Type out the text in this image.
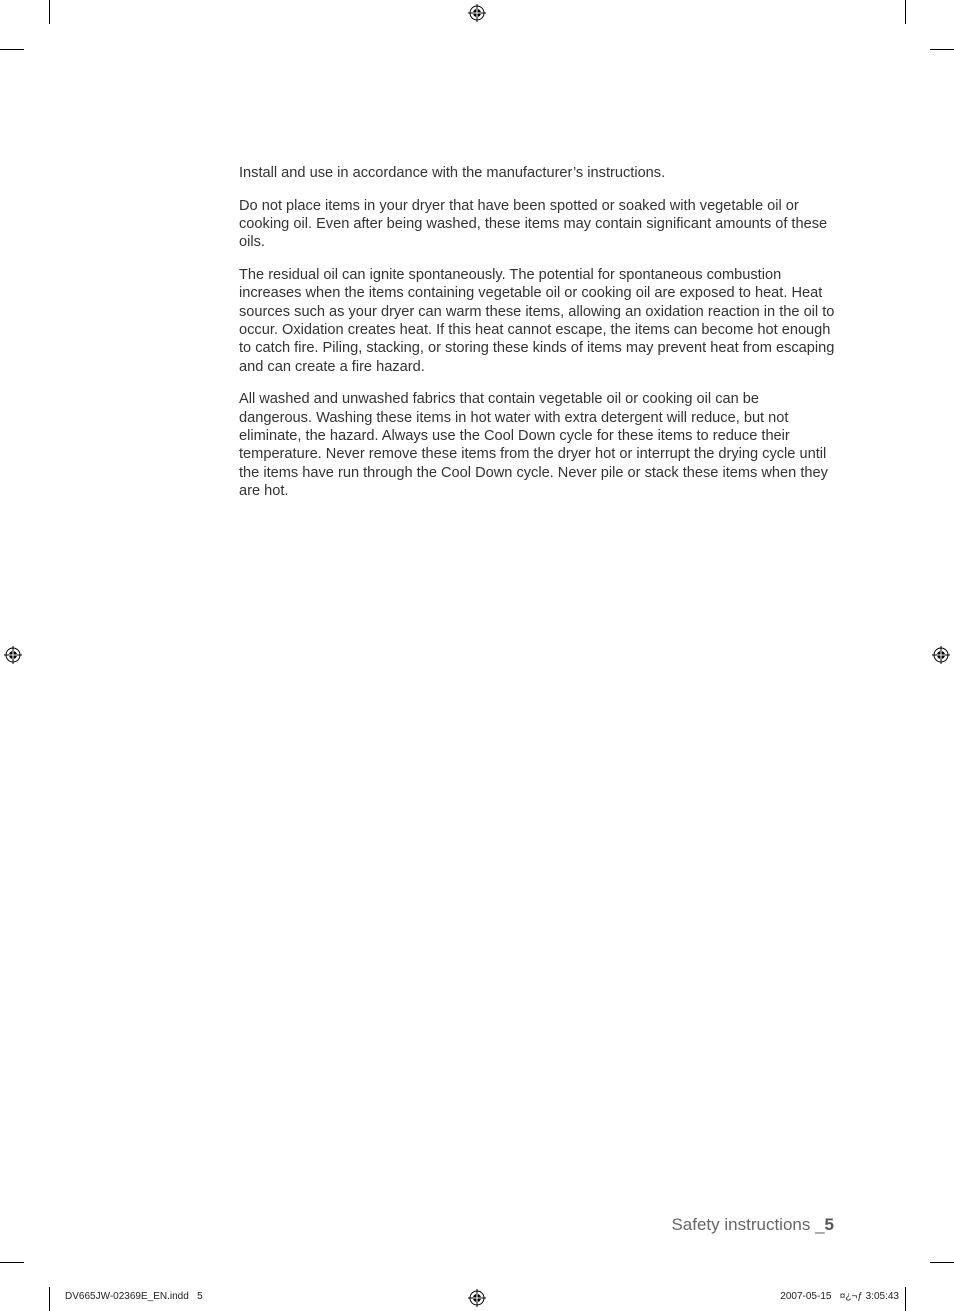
Install and use in accordance with the manufacturer’s instructions.

Do not place items in your dryer that have been spotted or soaked with vegetable oil or cooking oil. Even after being washed, these items may contain significant amounts of these oils.

The residual oil can ignite spontaneously. The potential for spontaneous combustion increases when the items containing vegetable oil or cooking oil are exposed to heat. Heat sources such as your dryer can warm these items, allowing an oxidation reaction in the oil to occur. Oxidation creates heat. If this heat cannot escape, the items can become hot enough to catch fire. Piling, stacking, or storing these kinds of items may prevent heat from escaping and can create a fire hazard.

All washed and unwashed fabrics that contain vegetable oil or cooking oil can be dangerous. Washing these items in hot water with extra detergent will reduce, but not eliminate, the hazard. Always use the Cool Down cycle for these items to reduce their temperature. Never remove these items from the dryer hot or interrupt the drying cycle until the items have run through the Cool Down cycle. Never pile or stack these items when they are hot.

Safety instructions _5
DV665JW-02369E_EN.indd   5	2007-05-15   ¤¿¬ƒ 3:05:43
